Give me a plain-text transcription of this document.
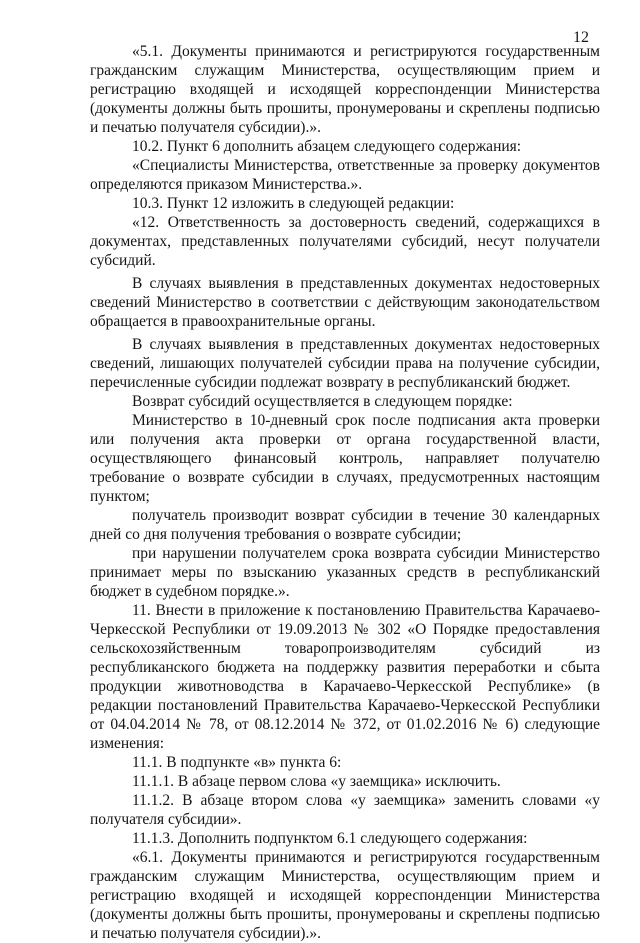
12

«5.1. Документы принимаются и регистрируются государственным гражданским служащим Министерства, осуществляющим прием и регистрацию входящей и исходящей корреспонденции Министерства (документы должны быть прошиты, пронумерованы и скреплены подписью и печатью получателя субсидии).».

10.2. Пункт 6 дополнить абзацем следующего содержания:

«Специалисты Министерства, ответственные за проверку документов определяются приказом Министерства.».

10.3. Пункт 12 изложить в следующей редакции:

«12. Ответственность за достоверность сведений, содержащихся в документах, представленных получателями субсидий, несут получатели субсидий.

В случаях выявления в представленных документах недостоверных сведений Министерство в соответствии с действующим законодательством обращается в правоохранительные органы.

В случаях выявления в представленных документах недостоверных сведений, лишающих получателей субсидии права на получение субсидии, перечисленные субсидии подлежат возврату в республиканский бюджет.

Возврат субсидий осуществляется в следующем порядке:

Министерство в 10-дневный срок после подписания акта проверки или получения акта проверки от органа государственной власти, осуществляющего финансовый контроль, направляет получателю требование о возврате субсидии в случаях, предусмотренных настоящим пунктом;

получатель производит возврат субсидии в течение 30 календарных дней со дня получения требования о возврате субсидии;

при нарушении получателем срока возврата субсидии Министерство принимает меры по взысканию указанных средств в республиканский бюджет в судебном порядке.».

11. Внести в приложение к постановлению Правительства Карачаево-Черкесской Республики от 19.09.2013 № 302 «О Порядке предоставления сельскохозяйственным товаропроизводителям субсидий из республиканского бюджета на поддержку развития переработки и сбыта продукции животноводства в Карачаево-Черкесской Республике» (в редакции постановлений Правительства Карачаево-Черкесской Республики от 04.04.2014 № 78, от 08.12.2014 № 372, от 01.02.2016 № 6) следующие изменения:

11.1. В подпункте «в» пункта 6:

11.1.1. В абзаце первом слова «у заемщика» исключить.

11.1.2. В абзаце втором слова «у заемщика» заменить словами «у получателя субсидии».

11.1.3. Дополнить подпунктом 6.1 следующего содержания:

«6.1. Документы принимаются и регистрируются государственным гражданским служащим Министерства, осуществляющим прием и регистрацию входящей и исходящей корреспонденции Министерства (документы должны быть прошиты, пронумерованы и скреплены подписью и печатью получателя субсидии).».
